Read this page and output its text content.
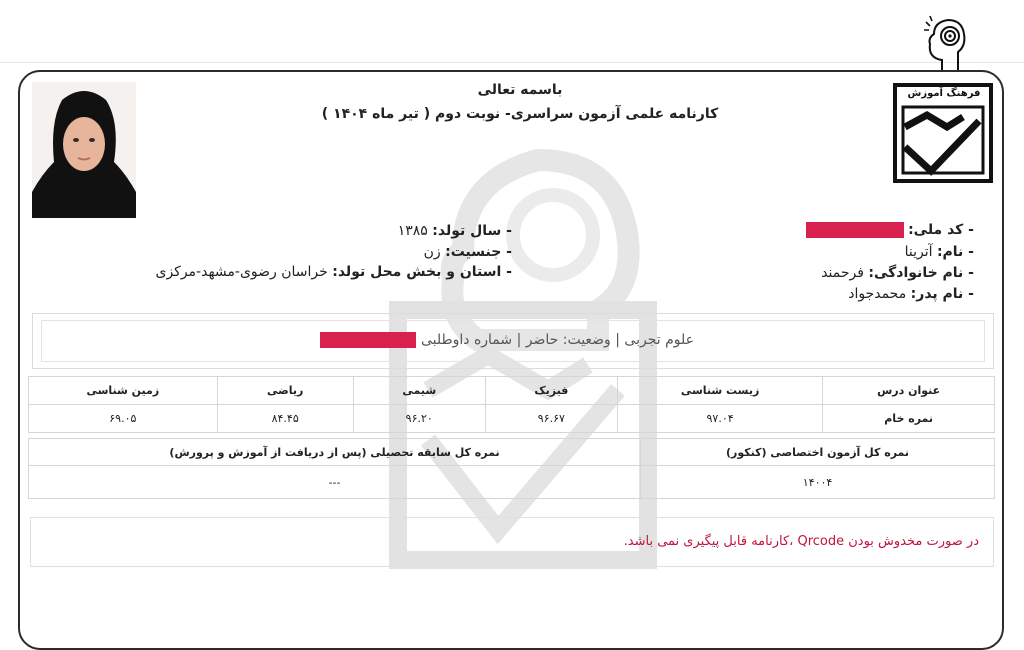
باسمه تعالی
کارنامه علمی آزمون سراسری- نوبت دوم ( تیر ماه ۱۴۰۴ )
فرهنگ آموزش
- کد ملی:
- نام: آترینا
- نام خانوادگی: فرحمند
- نام پدر: محمدجواد
- سال تولد: ۱۳۸۵
- جنسیت: زن
- استان و بخش محل تولد: خراسان رضوی-مشهد-مرکزی
علوم تجربی | وضعیت: حاضر | شماره داوطلبی
عنوان درس	زیست شناسی	فیزیک	شیمی	ریاضی	زمین شناسی
نمره خام	۹۷.۰۴	۹۶.۶۷	۹۶.۲۰	۸۴.۴۵	۶۹.۰۵
نمره کل آزمون اختصاصی (کنکور)	نمره کل سابقه تحصیلی (پس از دریافت از آموزش و پرورش)
۱۴۰۰۴	---
در صورت مخدوش بودن Qrcode ،کارنامه قابل پیگیری نمی باشد.
